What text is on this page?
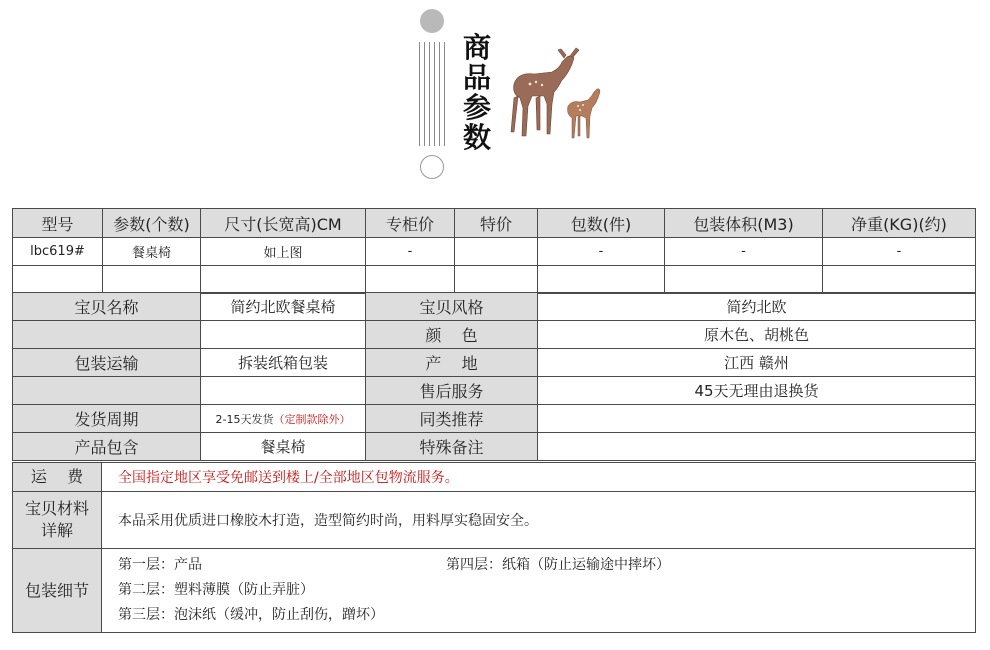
商品参数
型号	参数(个数)	尺寸(长宽高)CM	专柜价	特价	包数(件)	包装体积(M3)	净重(KG)(约)
lbc619#	餐桌椅	如上图	-		-	-	-

宝贝名称	简约北欧餐桌椅	宝贝风格	简约北欧
		颜    色	原木色、胡桃色
包装运输	拆装纸箱包装	产    地	江西 赣州
		售后服务	45天无理由退换货
发货周期	2-15天发货（定制款除外）	同类推荐	
产品包含	餐桌椅	特殊备注	
运    费	全国指定地区享受免邮送到楼上/全部地区包物流服务。
宝贝材料详解	本品采用优质进口橡胶木打造，造型简约时尚，用料厚实稳固安全。
包装细节	第一层：产品 第四层：纸箱（防止运输途中摔坏）
第二层：塑料薄膜（防止弄脏）
第三层：泡沫纸（缓冲，防止刮伤，蹭坏）
